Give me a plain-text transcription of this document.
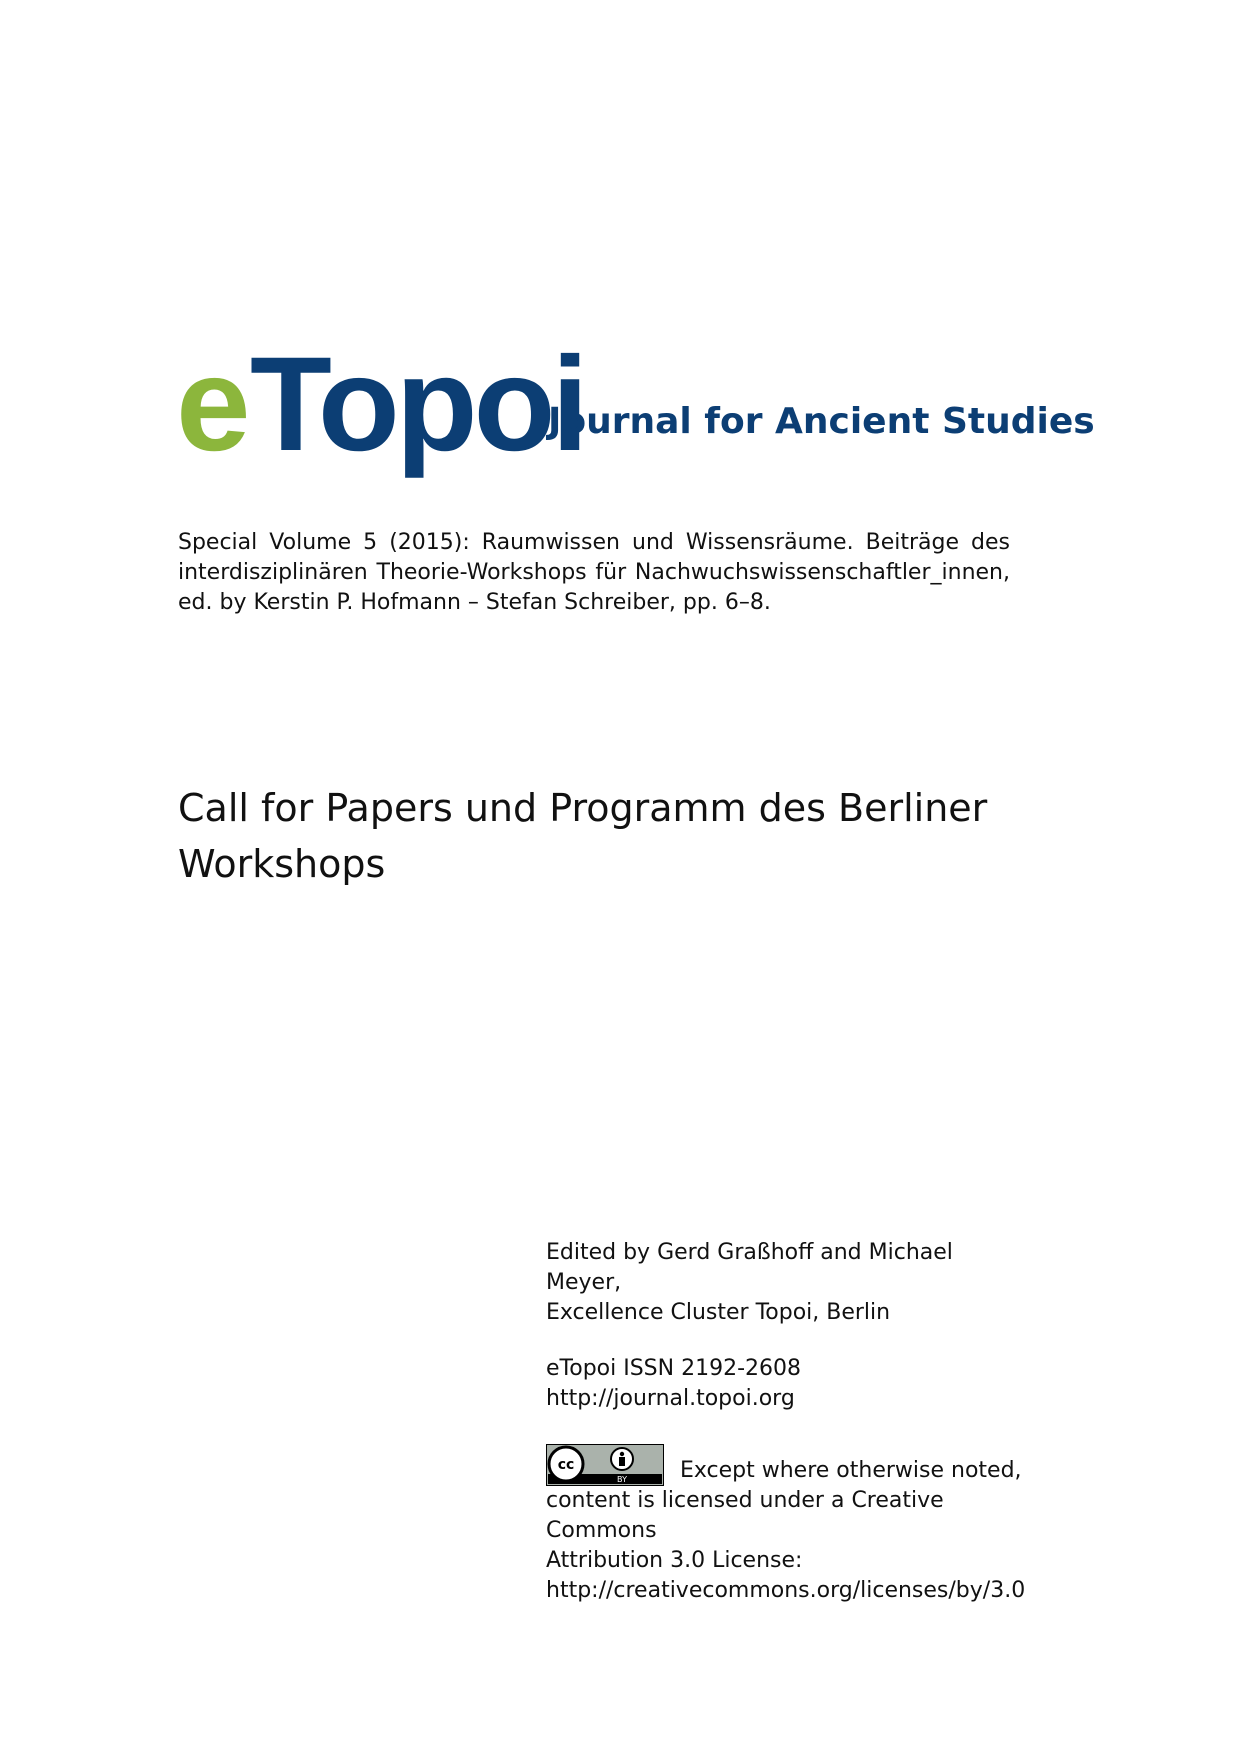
e Topoi
Journal for Ancient Studies
Special Volume 5 (2015): Raumwissen und Wissensräume. Beiträge des interdisziplinären Theorie-Workshops für Nachwuchswissenschaftler_innen, ed. by Kerstin P. Hofmann – Stefan Schreiber, pp. 6–8.
Call for Papers und Programm des Berliner Workshops

Edited by Gerd Graßhoff and Michael Meyer,

Excellence Cluster Topoi, Berlin

eTopoi ISSN 2192-2608

http://journal.topoi.org

cc
BY Except where otherwise noted,

content is licensed under a Creative Commons

Attribution 3.0 License:

http://creativecommons.org/licenses/by/3.0
